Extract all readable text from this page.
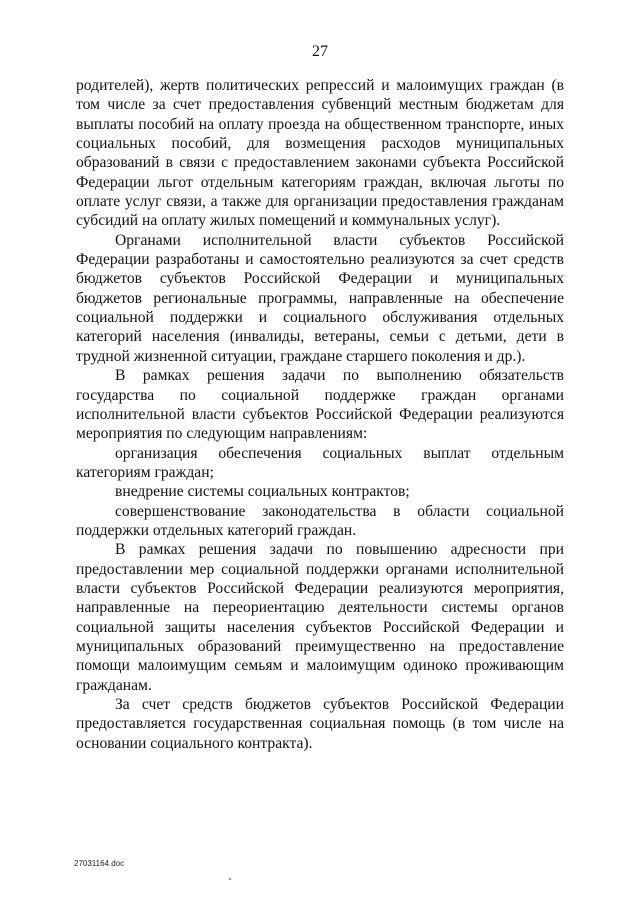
27

родителей), жертв политических репрессий и малоимущих граждан (в том числе за счет предоставления субвенций местным бюджетам для выплаты пособий на оплату проезда на общественном транспорте, иных социальных пособий, для возмещения расходов муниципальных образований в связи с предоставлением законами субъекта Российской Федерации льгот отдельным категориям граждан, включая льготы по оплате услуг связи, а также для организации предоставления гражданам субсидий на оплату жилых помещений и коммунальных услуг).

Органами исполнительной власти субъектов Российской Федерации разработаны и самостоятельно реализуются за счет средств бюджетов субъектов Российской Федерации и муниципальных бюджетов региональные программы, направленные на обеспечение социальной поддержки и социального обслуживания отдельных категорий населения (инвалиды, ветераны, семьи с детьми, дети в трудной жизненной ситуации, граждане старшего поколения и др.).

В рамках решения задачи по выполнению обязательств государства по социальной поддержке граждан органами исполнительной власти субъектов Российской Федерации реализуются мероприятия по следующим направлениям:

организация обеспечения социальных выплат отдельным категориям граждан;

внедрение системы социальных контрактов;

совершенствование законодательства в области социальной поддержки отдельных категорий граждан.

В рамках решения задачи по повышению адресности при предоставлении мер социальной поддержки органами исполнительной власти субъектов Российской Федерации реализуются мероприятия, направленные на переориентацию деятельности системы органов социальной защиты населения субъектов Российской Федерации и муниципальных образований преимущественно на предоставление помощи малоимущим семьям и малоимущим одиноко проживающим гражданам.

За счет средств бюджетов субъектов Российской Федерации предоставляется государственная социальная помощь (в том числе на основании социального контракта).

27031164.doc
